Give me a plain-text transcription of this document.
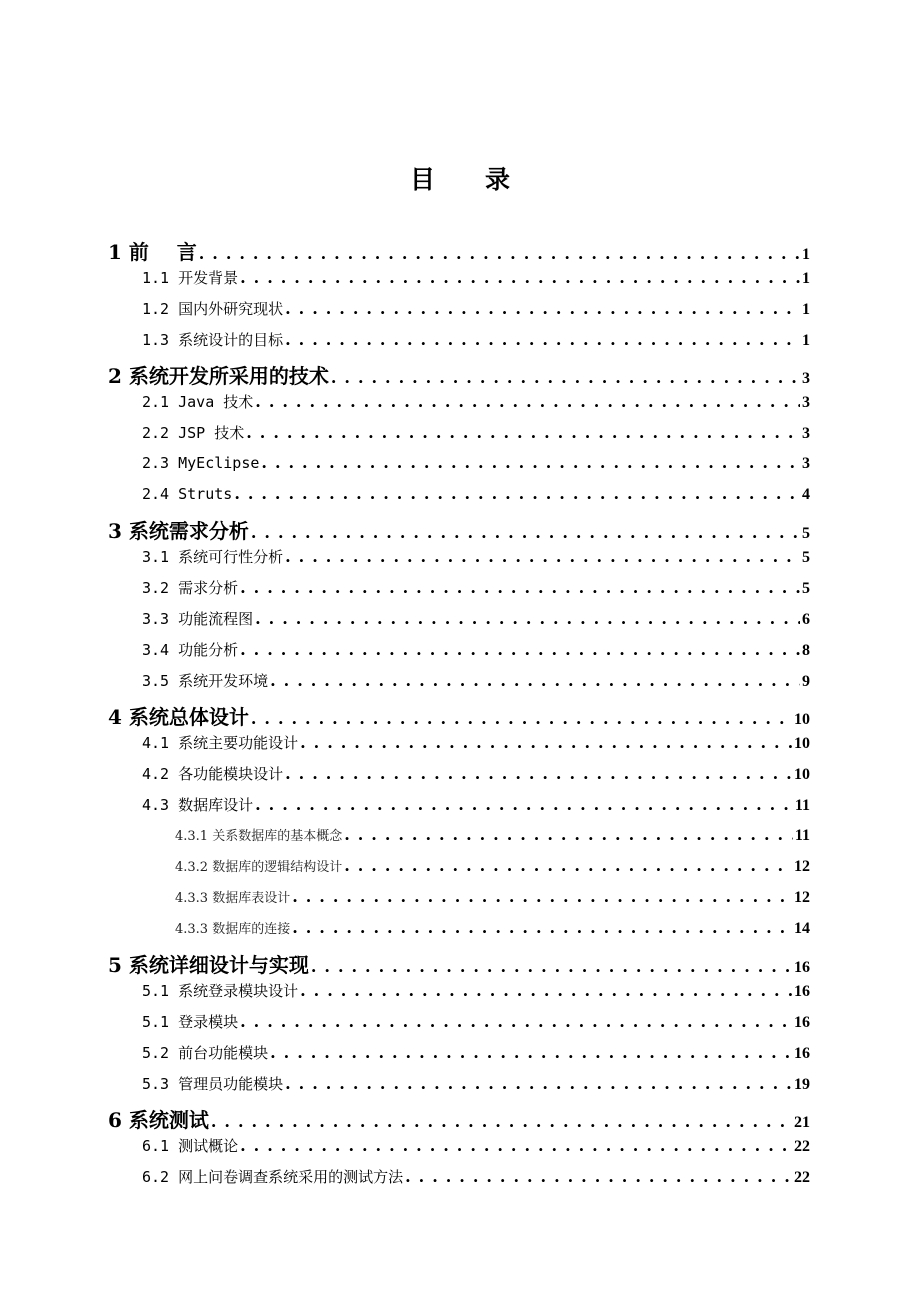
目 录
1 前    言 . . .	1
1.1 开发背景 . . .	1
1.2 国内外研究现状 . . .	1
1.3 系统设计的目标 . . .	1
2 系统开发所采用的技术 . . .	3
2.1 Java 技术 . . .	3
2.2 JSP 技术 . . .	3
2.3 MyEclipse . . .	3
2.4 Struts . . .	4
3 系统需求分析 . . .	5
3.1 系统可行性分析 . . .	5
3.2 需求分析 . . .	5
3.3 功能流程图 . . .	6
3.4 功能分析 . . .	8
3.5 系统开发环境 . . .	9
4 系统总体设计 . . .	10
4.1 系统主要功能设计 . . .	10
4.2 各功能模块设计 . . .	10
4.3 数据库设计 . . .	11
4.3.1 关系数据库的基本概念 . . .	11
4.3.2 数据库的逻辑结构设计 . . .	12
4.3.3 数据库表设计 . . .	12
4.3.3 数据库的连接 . . .	14
5 系统详细设计与实现 . . .	16
5.1 系统登录模块设计 . . .	16
5.1 登录模块 . . .	16
5.2 前台功能模块 . . .	16
5.3 管理员功能模块 . . .	19
6 系统测试 . . .	21
6.1 测试概论 . . .	22
6.2 网上问卷调查系统采用的测试方法 . . .	22
